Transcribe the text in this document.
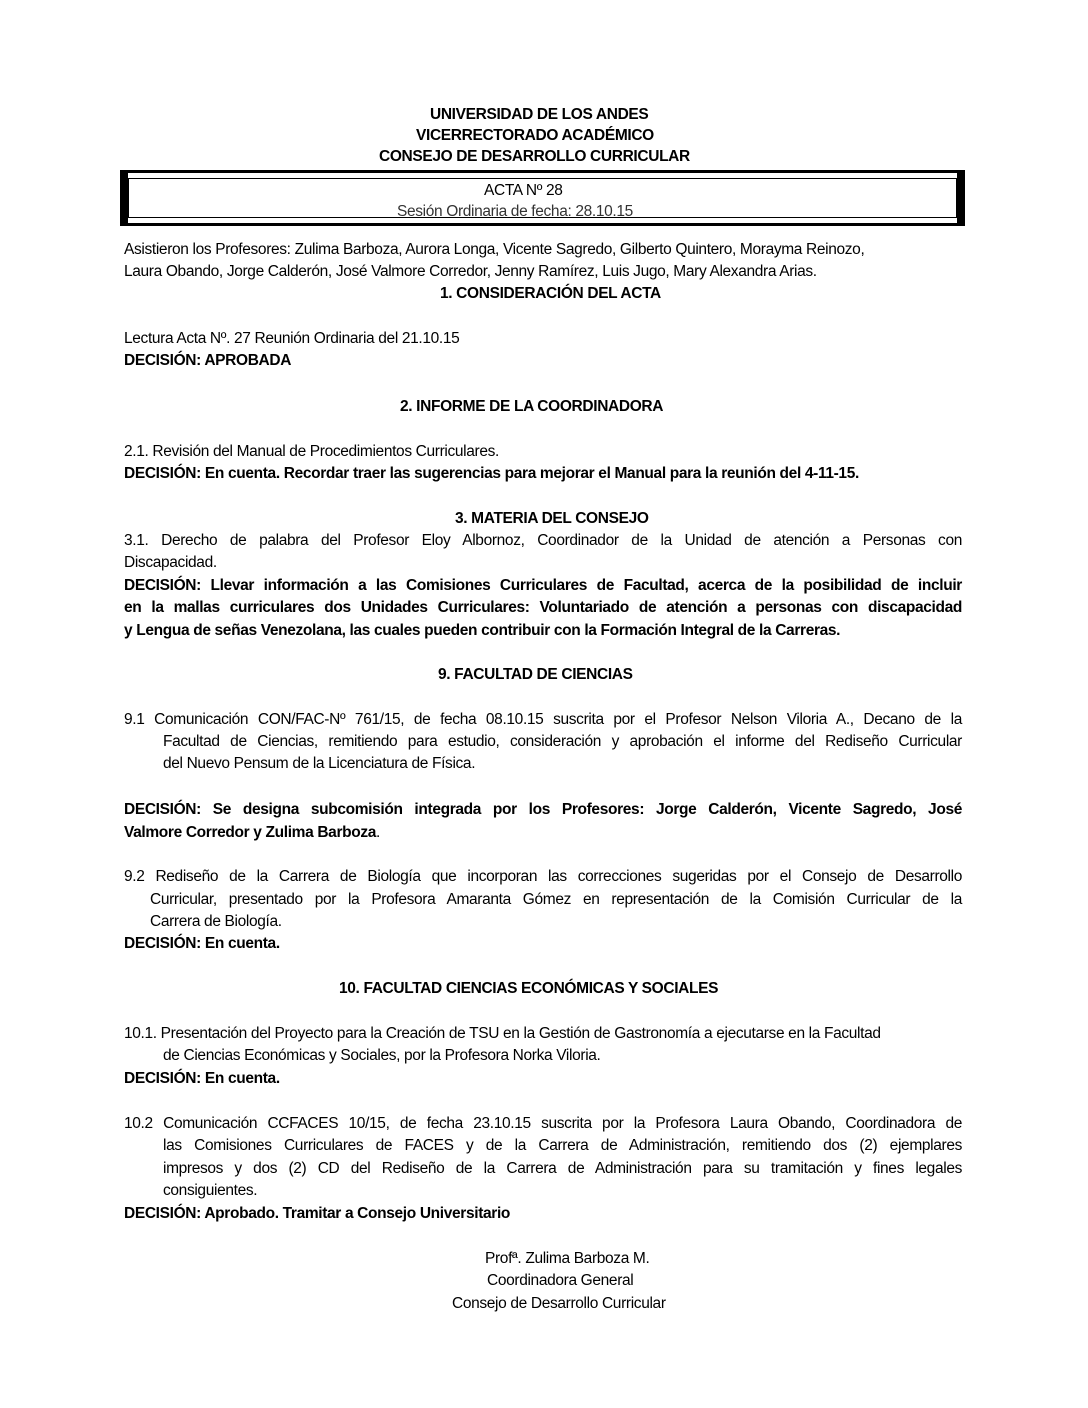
UNIVERSIDAD DE LOS ANDES
VICERRECTORADO ACADÉMICO
CONSEJO DE DESARROLLO CURRICULAR
ACTA Nº 28
Sesión Ordinaria de fecha: 28.10.15
Asistieron los Profesores: Zulima Barboza, Aurora Longa, Vicente Sagredo, Gilberto Quintero, Morayma Reinozo,
Laura Obando, Jorge Calderón, José Valmore Corredor, Jenny Ramírez, Luis Jugo, Mary Alexandra Arias.
1. CONSIDERACIÓN DEL ACTA
Lectura Acta Nº. 27 Reunión Ordinaria del 21.10.15
DECISIÓN: APROBADA
2. INFORME DE LA COORDINADORA
2.1. Revisión del Manual de Procedimientos Curriculares.
DECISIÓN: En cuenta. Recordar traer las sugerencias para mejorar el Manual para la reunión del 4-11-15.
3. MATERIA DEL CONSEJO
3.1. Derecho de palabra del Profesor Eloy Albornoz, Coordinador de la Unidad de atención a Personas con
Discapacidad.
DECISIÓN: Llevar información a las Comisiones Curriculares de Facultad, acerca de la posibilidad de incluir
en la mallas curriculares dos Unidades Curriculares: Voluntariado de atención a personas con discapacidad
y Lengua de señas Venezolana, las cuales pueden contribuir con la Formación Integral de la Carreras.
9. FACULTAD DE CIENCIAS
9.1 Comunicación CON/FAC-Nº 761/15, de fecha 08.10.15 suscrita por el Profesor Nelson Viloria A., Decano de la
Facultad de Ciencias, remitiendo para estudio, consideración y aprobación el informe del Rediseño Curricular
del Nuevo Pensum de la Licenciatura de Física.
DECISIÓN: Se designa subcomisión integrada por los Profesores: Jorge Calderón, Vicente Sagredo, José
Valmore Corredor y Zulima Barboza.
9.2 Rediseño de la Carrera de Biología que incorporan las correcciones sugeridas por el Consejo de Desarrollo
Curricular, presentado por la Profesora Amaranta Gómez en representación de la Comisión Curricular de la
Carrera de Biología.
DECISIÓN: En cuenta.
10. FACULTAD CIENCIAS ECONÓMICAS Y SOCIALES
10.1. Presentación del Proyecto para la Creación de TSU en la Gestión de Gastronomía a ejecutarse en la Facultad
de Ciencias Económicas y Sociales, por la Profesora Norka Viloria.
DECISIÓN: En cuenta.
10.2 Comunicación CCFACES 10/15, de fecha 23.10.15 suscrita por la Profesora Laura Obando, Coordinadora de
las Comisiones Curriculares de FACES y de la Carrera de Administración, remitiendo dos (2) ejemplares
impresos y dos (2) CD del Rediseño de la Carrera de Administración para su tramitación y fines legales
consiguientes.
DECISIÓN: Aprobado. Tramitar a Consejo Universitario
Profª. Zulima Barboza M.
Coordinadora General
Consejo de Desarrollo Curricular
